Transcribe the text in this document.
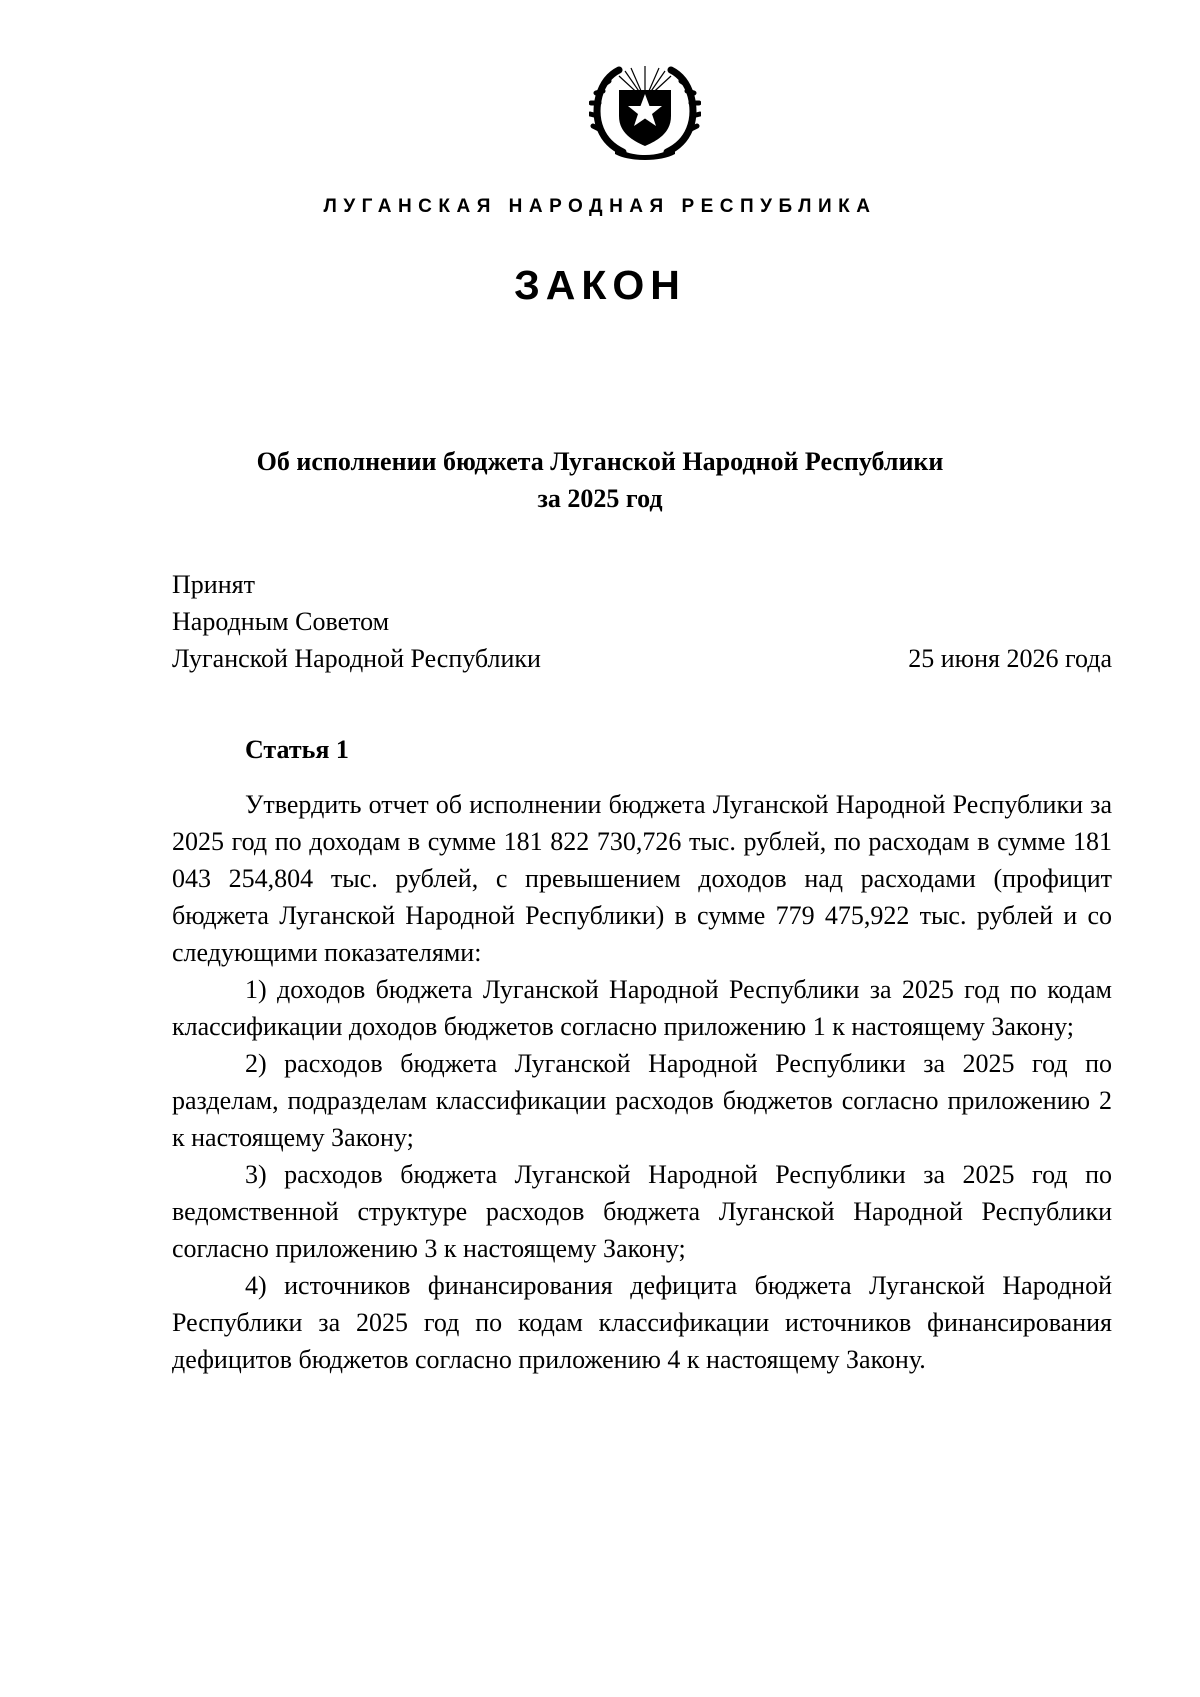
ЛУГАНСКАЯ НАРОДНАЯ РЕСПУБЛИКА
ЗАКОН
Об исполнении бюджета Луганской Народной Республики
за 2025 год
Принят
Народным Советом
Луганской Народной Республики	25 июня 2026 года
Статья 1

Утвердить отчет об исполнении бюджета Луганской Народной Республики за 2025 год по доходам в сумме 181 822 730,726 тыс. рублей, по расходам в сумме 181 043 254,804 тыс. рублей, с превышением доходов над расходами (профицит бюджета Луганской Народной Республики) в сумме 779 475,922 тыс. рублей и со следующими показателями:

1) доходов бюджета Луганской Народной Республики за 2025 год по кодам классификации доходов бюджетов согласно приложению 1 к настоящему Закону;

2) расходов бюджета Луганской Народной Республики за 2025 год по разделам, подразделам классификации расходов бюджетов согласно приложению 2 к настоящему Закону;

3) расходов бюджета Луганской Народной Республики за 2025 год по ведомственной структуре расходов бюджета Луганской Народной Республики согласно приложению 3 к настоящему Закону;

4) источников финансирования дефицита бюджета Луганской Народной Республики за 2025 год по кодам классификации источников финансирования дефицитов бюджетов согласно приложению 4 к настоящему Закону.
